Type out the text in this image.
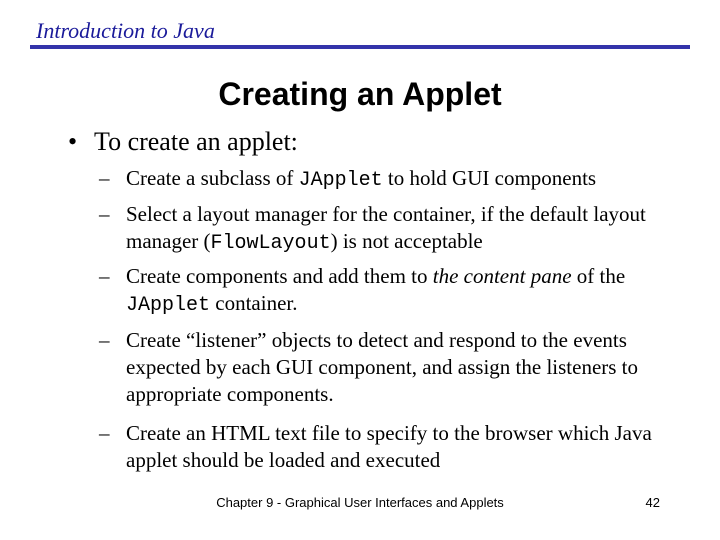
Introduction to Java
Creating an Applet
• To create an applet:
– Create a subclass of JApplet to hold GUI components
– Select a layout manager for the container, if the default layout manager (FlowLayout) is not acceptable
– Create components and add them to the content pane of the JApplet container.
– Create “listener” objects to detect and respond to the events expected by each GUI component, and assign the listeners to appropriate components.
– Create an HTML text file to specify to the browser which Java applet should be loaded and executed
Chapter 9 - Graphical User Interfaces and Applets	42
